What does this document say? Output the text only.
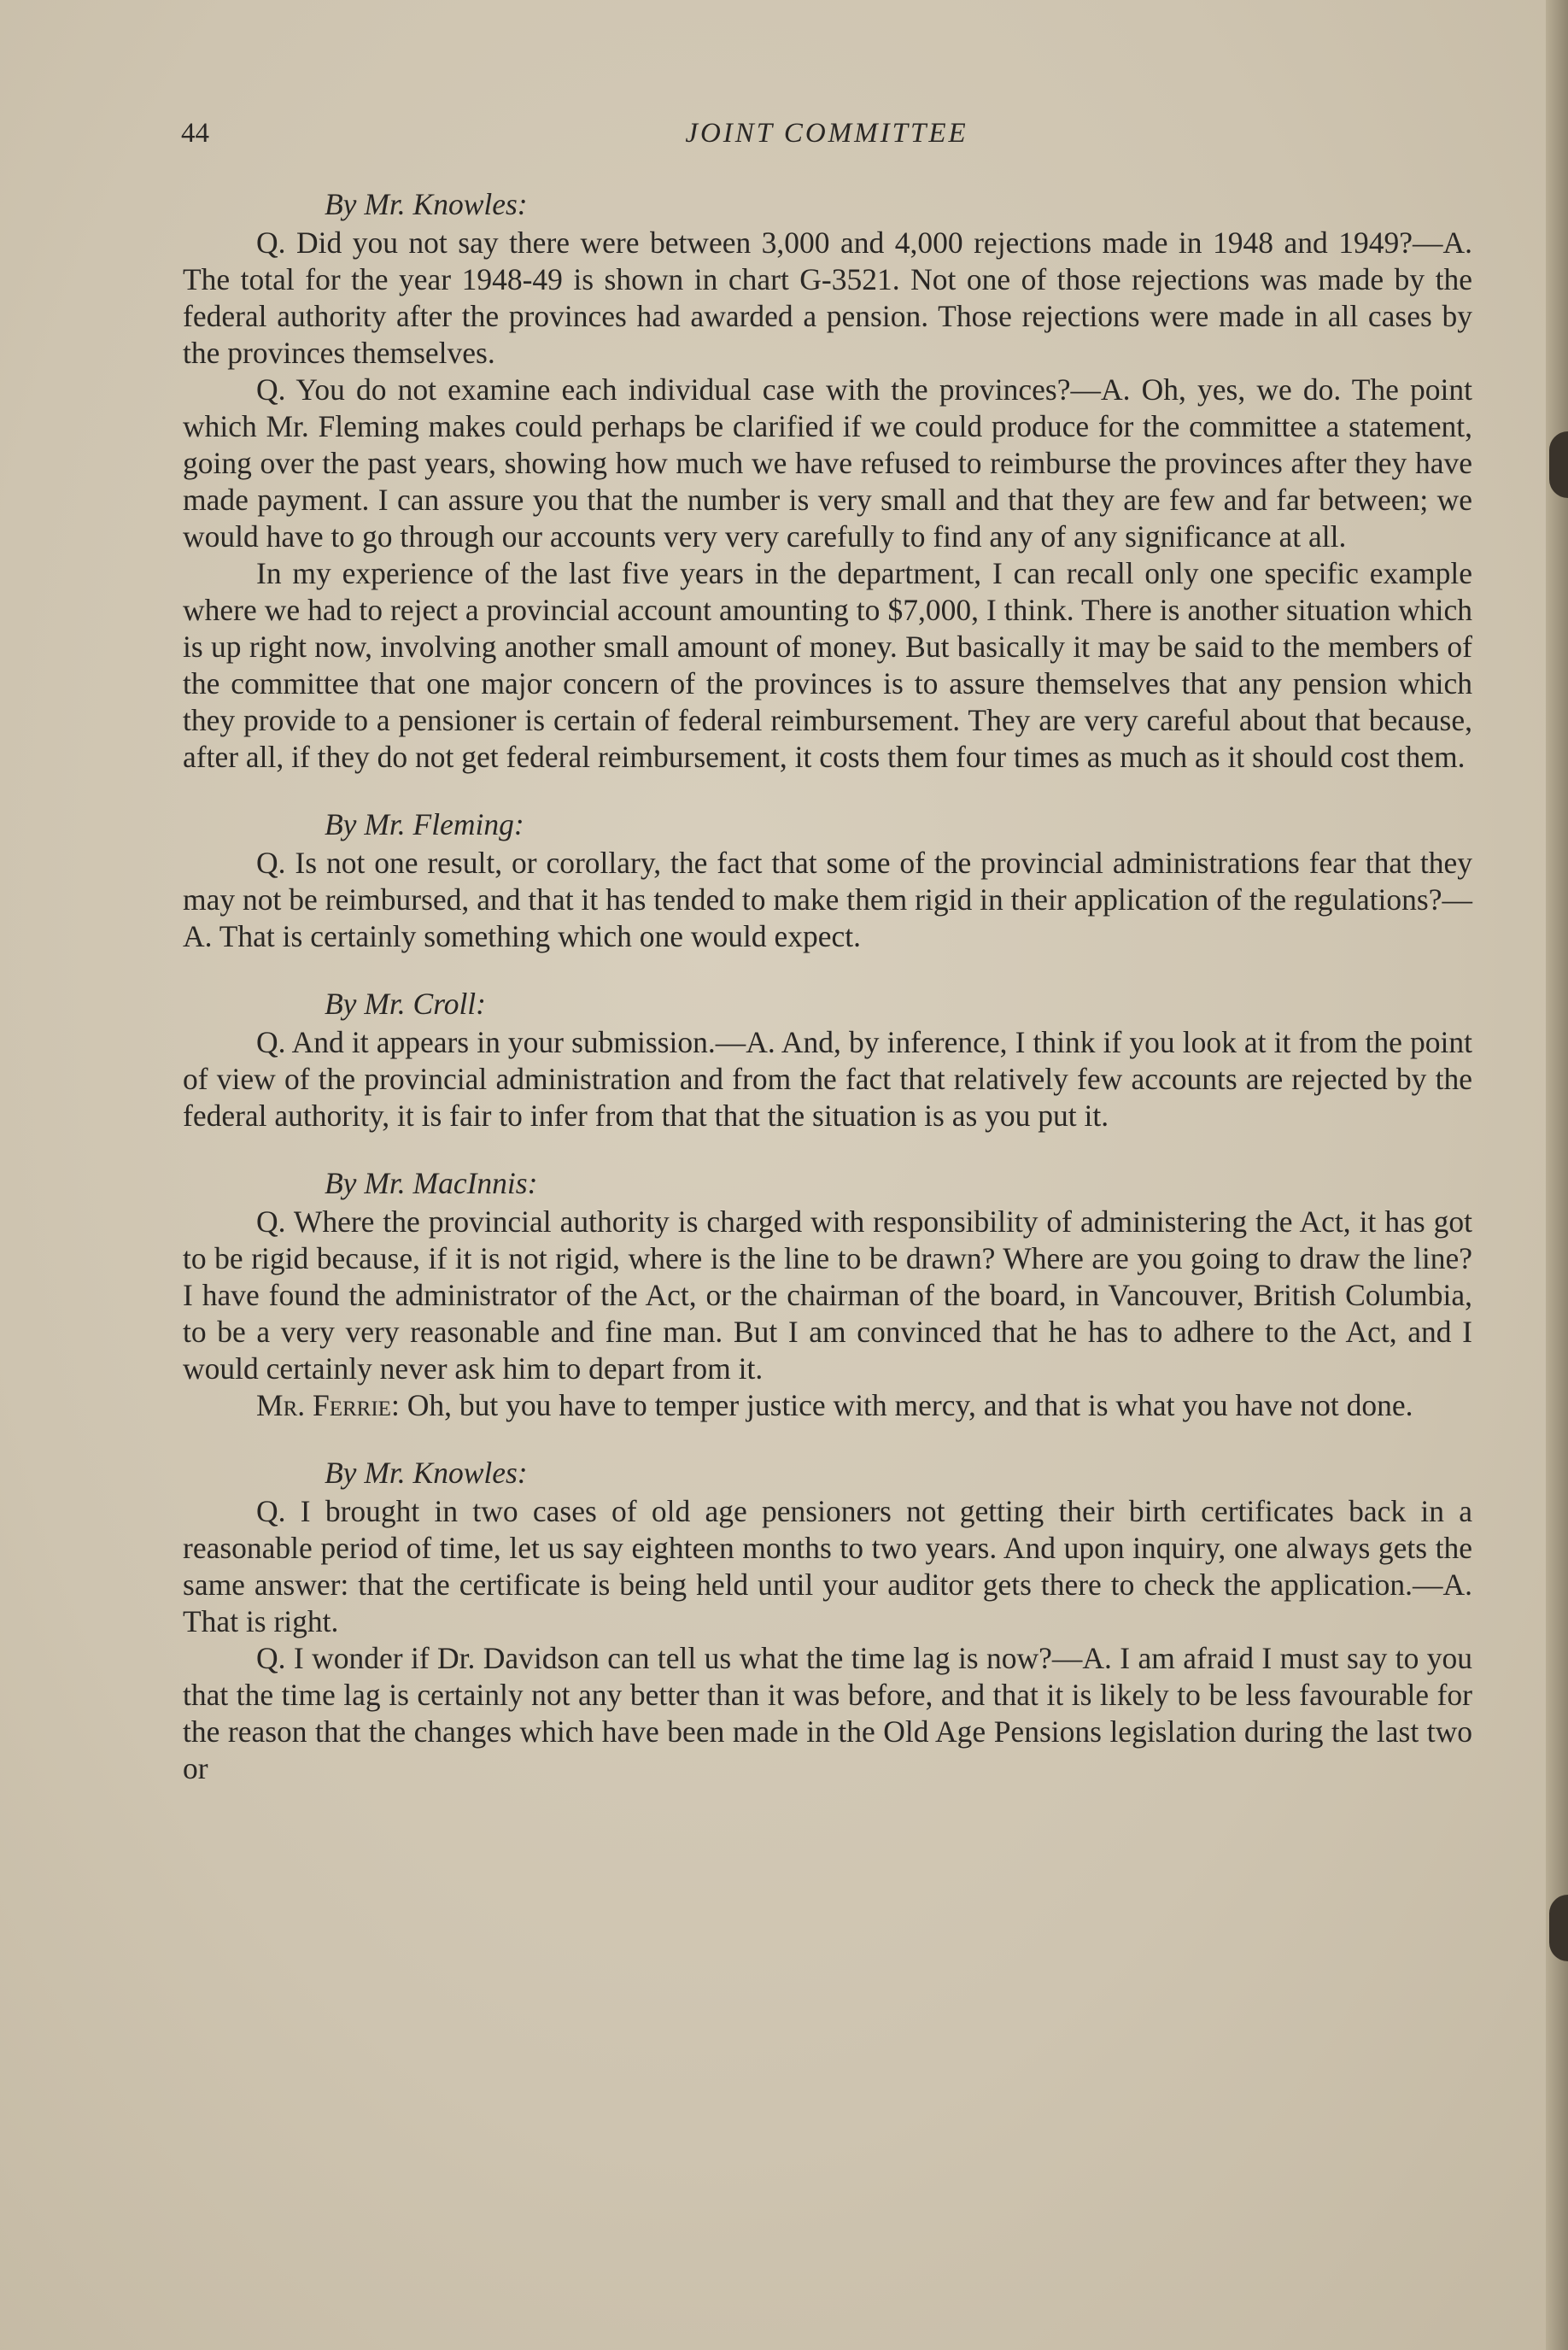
44	JOINT COMMITTEE
By Mr. Knowles:

Q. Did you not say there were between 3,000 and 4,000 rejections made in 1948 and 1949?—A. The total for the year 1948-49 is shown in chart G-3521. Not one of those rejections was made by the federal authority after the provinces had awarded a pension. Those rejections were made in all cases by the provinces themselves.

Q. You do not examine each individual case with the provinces?—A. Oh, yes, we do. The point which Mr. Fleming makes could perhaps be clarified if we could produce for the committee a statement, going over the past years, showing how much we have refused to reimburse the provinces after they have made payment. I can assure you that the number is very small and that they are few and far between; we would have to go through our accounts very very carefully to find any of any significance at all.

In my experience of the last five years in the department, I can recall only one specific example where we had to reject a provincial account amounting to $7,000, I think. There is another situation which is up right now, involving another small amount of money. But basically it may be said to the members of the committee that one major concern of the provinces is to assure themselves that any pension which they provide to a pensioner is certain of federal reimbursement. They are very careful about that because, after all, if they do not get federal reimbursement, it costs them four times as much as it should cost them.

By Mr. Fleming:

Q. Is not one result, or corollary, the fact that some of the provincial administrations fear that they may not be reimbursed, and that it has tended to make them rigid in their application of the regulations?—A. That is certainly something which one would expect.

By Mr. Croll:

Q. And it appears in your submission.—A. And, by inference, I think if you look at it from the point of view of the provincial administration and from the fact that relatively few accounts are rejected by the federal authority, it is fair to infer from that that the situation is as you put it.

By Mr. MacInnis:

Q. Where the provincial authority is charged with responsibility of administering the Act, it has got to be rigid because, if it is not rigid, where is the line to be drawn? Where are you going to draw the line? I have found the administrator of the Act, or the chairman of the board, in Vancouver, British Columbia, to be a very very reasonable and fine man. But I am convinced that he has to adhere to the Act, and I would certainly never ask him to depart from it.

Mr. Ferrie: Oh, but you have to temper justice with mercy, and that is what you have not done.

By Mr. Knowles:

Q. I brought in two cases of old age pensioners not getting their birth certificates back in a reasonable period of time, let us say eighteen months to two years. And upon inquiry, one always gets the same answer: that the certificate is being held until your auditor gets there to check the application.—A. That is right.

Q. I wonder if Dr. Davidson can tell us what the time lag is now?—A. I am afraid I must say to you that the time lag is certainly not any better than it was before, and that it is likely to be less favourable for the reason that the changes which have been made in the Old Age Pensions legislation during the last two or
